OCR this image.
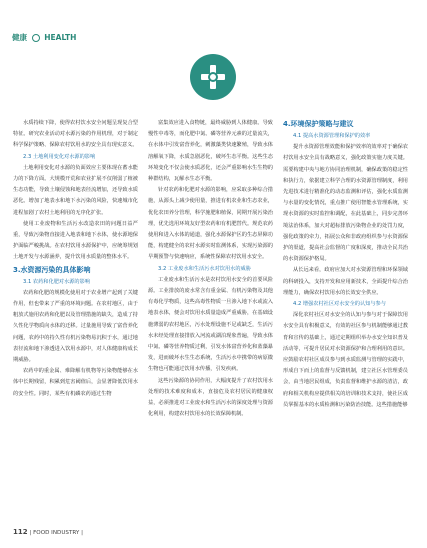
健康 HEALTH

水质持续下降，使得农村饮水安全问题呈现复合型特征。研究农业活动对水源污染的作用机理，对于制定科学保护策略、保障农村饮用水的安全具有现实意义。

2.3 土地利用变化对水源的影响

土地利用变化对水源的负面效应主要体现在蓄水能力的下降方面。大规模开荒和农业扩展不仅削弱了植被生态功能，导致土壤侵蚀和地表径流增加，还导致水质恶化。增加了地表水和地下水污染的风险，快速城市化进程加剧了农村土地利用的无序化扩张。

使用工业废物和生活污水改造农田的问题日益严重，导致污染物直接进入地表和地下水体，使水源地保护面临严峻挑战。在农村饮用水源保护中，应统筹规划土地开发与水源涵养，提升饮用水质量的整体水平。

3.水资源污染的具体影响

3.1 农药和化肥对水源的影响

农药和化肥的规模化使用对于农业增产起到了关键作用，但也带来了严重的环境问题。在农村地区，由于粗放式施用农药和化肥以及管理措施的缺失，造成了持久性化学物质向水体的迁移。过量施用导致了富营养化问题，农药中的持久性有机污染物易沉积于水，通过地表径流和地下渗透进入饮用水源中，对人体健康构成长期威胁。

农药中的重金属、难降解有机物等污染物能够在水体中长期残留，积累到危害阈值后，会显著降低饮用水的安全性。同时，某些有机磷农药通过生物

富集效应进入食物链，最终威胁到人体健康。导致慢性中毒等，而化肥中氮、磷等营养元素的过量流失，在水体中引发富营养化，刺激藻类快速繁殖，导致水体溶解氧下降，水质急剧恶化，破坏生态平衡。这些生态环境变化不仅会使水质恶化，还会严重影响水生生物的种群结构，瓦解水生态平衡。

针对农药和化肥对水源的影响，应采取多种综合措施，从源头上减少使用量，推进有机农业和生态农业，优化农田养分管理，科学施肥和植保，同期开展污染治理，优先选用环境友好型农药和有机肥替代。规范农药使用和进入水体的通道，强化水源保护区的生态屏障功能，构建健全的农村水源实时监测体系，实现污染源的早期预警与快速响应，系统性保障农村饮用水安全。

3.2 工业废水和生活污水对饮用水的威胁

工业废水和生活污水是农村饮用水安全的首要风险源。工业排放的废水常含有重金属、有机污染物及其他有毒化学物质，这些高毒性物质一旦渗入地下水或流入地表水体，便会对饮用水质量造成严重威胁，在基础设施薄弱的农村地区，污水处理设施不足或缺乏，生活污水未经处理直接排放入河流或湖泊现象普遍，导致水体中氮、磷等营养物质过剩，引发水体富营养化和蓝藻暴发，进而破坏水生生态系统，生活污水中携带的病原微生物也可能通过饮用水传播，引发疾病。

这些污染源的协同作用，大幅度提升了农村饮用水处理的技术难度和成本，直接危及农村居民的健康权益，必须推进对工业废水和生活污水的深度处理与资源化利用，构建农村饮用水的长效保障机制。

4.环境保护策略与建议

4.1 提高水资源管理和保护的效率

提升水资源管理效能和保护效率的效率对于确保农村饮用水安全具有战略意义，强化政策实施力度关键。需要构建中央与地方协同治理机制，确保政策的稳定性和执行力，依据建立科学合理的水资源管理制度，利用先进技术进行精准化的动态监测和评估，强化水质监测与水量的变化情况，重点推广使用智能水管理系统，实现水资源的实时监控和调配，在此基础上，同步完善环境法治体系，加大对超标排放污染物企业的处罚力度，强化政策的牵力，拓展公众和非政府组织参与水资源保护的渠道，提高社会监督的广度和深度，推动全民共治的水资源保护格局。

从长远来看，政府应加大对水资源管理和环保领域的科研投入，支持开发和应用新技术，全面提升综合治理能力，确保农村饮用水的长效安全供应。

4.2 增强农村社区对水安全的认知与参与

深化农村社区对水安全的认知与参与对于保障饮用水安全具有积极意义，有效的社区参与机制能够通过教育和宣传的基础上，通过定期组织举办水安全知识普及活动等，可提升居民对水资源保护和合理利用的意识。应鼓励农村社区成员参与到水质监测与管理的实践中，形成自下而上的监督与反馈机制，建立社区水管理委员会，由当地居民组成，负责监督和维护水源的清洁，政府和相关机构应提供相关的培训和技术支持，使社区成员掌握基本的水质检测和污染防治技能。这些措施能够

112 | FOOD INDUSTRY |
